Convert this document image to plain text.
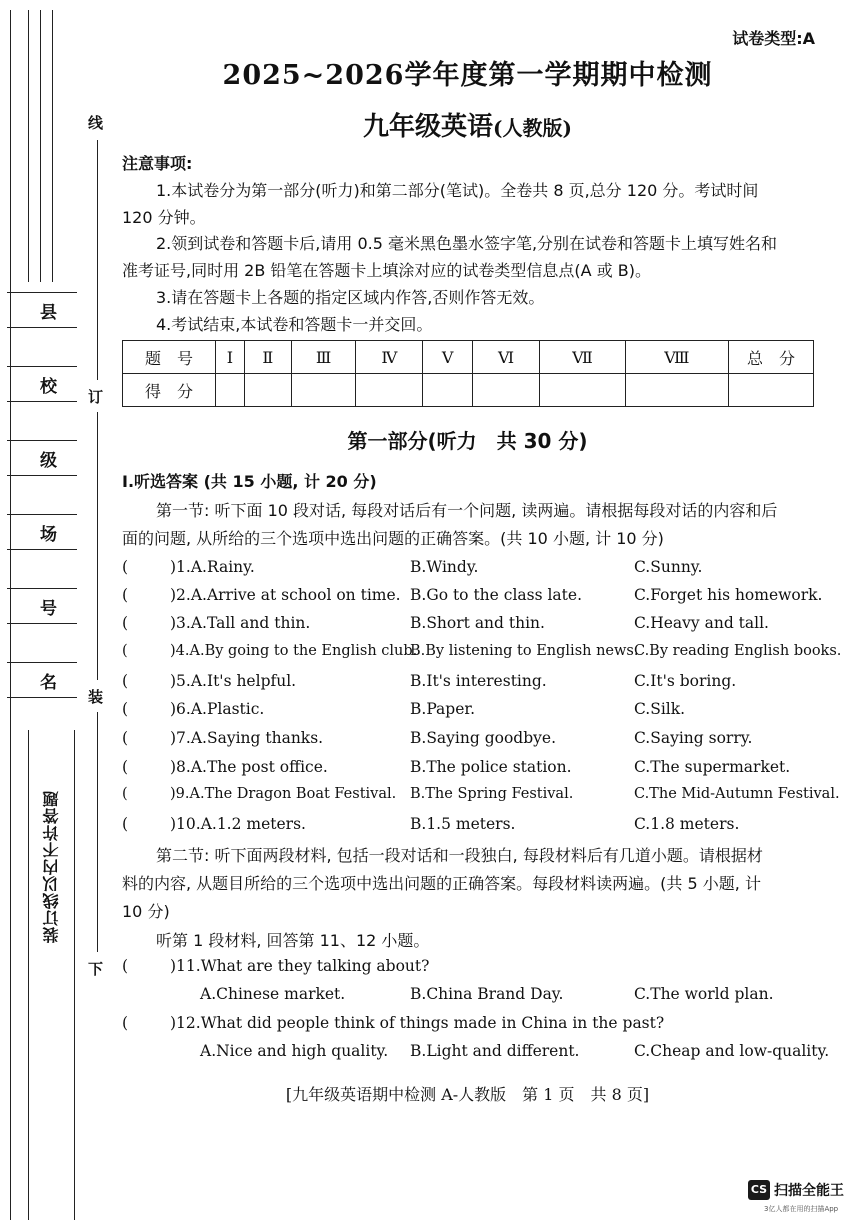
县
校
级
场
号
名
线
订
装
下
装订线以内不许答题
试卷类型:A
2025~2026学年度第一学期期中检测
九年级英语(人教版)
注意事项:
1.本试卷分为第一部分(听力)和第二部分(笔试)。全卷共 8 页,总分 120 分。考试时间
120 分钟。
2.领到试卷和答题卡后,请用 0.5 毫米黑色墨水签字笔,分别在试卷和答题卡上填写姓名和
准考证号,同时用 2B 铅笔在答题卡上填涂对应的试卷类型信息点(A 或 B)。
3.请在答题卡上各题的指定区域内作答,否则作答无效。
4.考试结束,本试卷和答题卡一并交回。
题　号	Ⅰ	Ⅱ	Ⅲ	Ⅳ	Ⅴ	Ⅵ	Ⅶ	Ⅷ	总　分
得　分									
第一部分(听力　共 30 分)
Ⅰ.听选答案 (共 15 小题, 计 20 分)
第一节: 听下面 10 段对话, 每段对话后有一个问题, 读两遍。请根据每段对话的内容和后
面的问题, 从所给的三个选项中选出问题的正确答案。(共 10 小题, 计 10 分)
(	)1.A.Rainy.	B.Windy.	C.Sunny.
(	)2.A.Arrive at school on time. B.Go to the class late.	C.Forget his homework.
(	)3.A.Tall and thin.	B.Short and thin.	C.Heavy and tall.
(	)4.A.By going to the English club.
B.By listening to English news.
C.By reading English books.
(	)5.A.It's helpful.	B.It's interesting.	C.It's boring.
(	)6.A.Plastic.	B.Paper.	C.Silk.
(	)7.A.Saying thanks.	B.Saying goodbye.	C.Saying sorry.
(	)8.A.The post office.	B.The police station.	C.The supermarket.
(	)9.A.The Dragon Boat Festival. B.The Spring Festival.	C.The Mid-Autumn Festival.
(	)10.A.1.2 meters.	B.1.5 meters.	C.1.8 meters.
第二节: 听下面两段材料, 包括一段对话和一段独白, 每段材料后有几道小题。请根据材
料的内容, 从题目所给的三个选项中选出问题的正确答案。每段材料读两遍。(共 5 小题, 计
10 分)
听第 1 段材料, 回答第 11、12 小题。
(	)11.What are they talking about?
A.Chinese market.	B.China Brand Day.	C.The world plan.
(	)12.What did people think of things made in China in the past?
A.Nice and high quality. B.Light and different.	C.Cheap and low-quality.
[九年级英语期中检测 A-人教版　第 1 页　共 8 页]
CS 扫描全能王
3亿人都在用的扫描App
